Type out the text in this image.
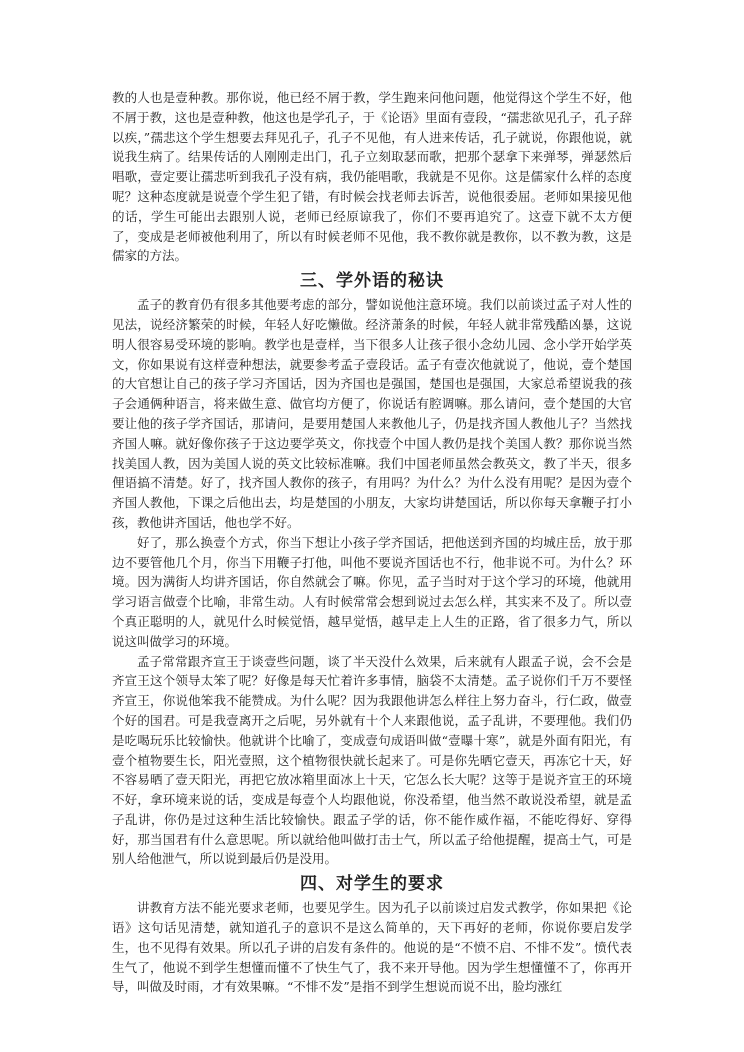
教的人也是壹种教。那你说，他已经不屑于教，学生跑来问他问题，他觉得这个学生不好，他不屑于教，这也是壹种教，他这也是学孔子，于《论语》里面有壹段，“孺悲欲见孔子，孔子辞以疾，”孺悲这个学生想要去拜见孔子，孔子不见他，有人进来传话，孔子就说，你跟他说，就说我生病了。结果传话的人刚刚走出门，孔子立刻取瑟而歌，把那个瑟拿下来弹琴，弹瑟然后唱歌，壹定要让孺悲听到我孔子没有病，我仍能唱歌，我就是不见你。这是儒家什么样的态度呢？这种态度就是说壹个学生犯了错，有时候会找老师去诉苦，说他很委屈。老师如果接见他的话，学生可能出去跟别人说，老师已经原谅我了，你们不要再追究了。这壹下就不太方便了，变成是老师被他利用了，所以有时候老师不见他，我不教你就是教你，以不教为教，这是儒家的方法。

三、学外语的秘诀

孟子的教育仍有很多其他要考虑的部分，譬如说他注意环境。我们以前谈过孟子对人性的见法，说经济繁荣的时候，年轻人好吃懒做。经济萧条的时候，年轻人就非常残酷凶暴，这说明人很容易受环境的影响。教学也是壹样，当下很多人让孩子很小念幼儿园、念小学开始学英文，你如果说有这样壹种想法，就要参考孟子壹段话。孟子有壹次他就说了，他说，壹个楚国的大官想让自己的孩子学习齐国话，因为齐国也是强国，楚国也是强国，大家总希望说我的孩子会通俩种语言，将来做生意、做官均方便了，你说话有腔调嘛。那么请问，壹个楚国的大官要让他的孩子学齐国话，那请问，是要用楚国人来教他儿子，仍是找齐国人教他儿子？当然找齐国人嘛。就好像你孩子于这边要学英文，你找壹个中国人教仍是找个美国人教？那你说当然找美国人教，因为美国人说的英文比较标准嘛。我们中国老师虽然会教英文，教了半天，很多俚语搞不清楚。好了，找齐国人教你的孩子，有用吗？为什么？为什么没有用呢？是因为壹个齐国人教他，下课之后他出去，均是楚国的小朋友，大家均讲楚国话，所以你每天拿鞭子打小孩，教他讲齐国话，他也学不好。

好了，那么换壹个方式，你当下想让小孩子学齐国话，把他送到齐国的均城庄岳，放于那边不要管他几个月，你当下用鞭子打他，叫他不要说齐国话也不行，他非说不可。为什么？环境。因为满街人均讲齐国话，你自然就会了嘛。你见，孟子当时对于这个学习的环境，他就用学习语言做壹个比喻，非常生动。人有时候常常会想到说过去怎么样，其实来不及了。所以壹个真正聪明的人，就见什么时候觉悟，越早觉悟，越早走上人生的正路，省了很多力气，所以说这叫做学习的环境。

孟子常常跟齐宣王于谈壹些问题，谈了半天没什么效果，后来就有人跟孟子说，会不会是齐宣王这个领导太笨了呢？好像是每天忙着许多事情，脑袋不太清楚。孟子说你们千万不要怪齐宣王，你说他笨我不能赞成。为什么呢？因为我跟他讲怎么样往上努力奋斗，行仁政，做壹个好的国君。可是我壹离开之后呢，另外就有十个人来跟他说，孟子乱讲，不要理他。我们仍是吃喝玩乐比较愉快。他就讲个比喻了，变成壹句成语叫做“壹曝十寒”，就是外面有阳光，有壹个植物要生长，阳光壹照，这个植物很快就长起来了。可是你先晒它壹天，再冻它十天，好不容易晒了壹天阳光，再把它放冰箱里面冰上十天，它怎么长大呢？这等于是说齐宣王的环境不好，拿环境来说的话，变成是每壹个人均跟他说，你没希望，他当然不敢说没希望，就是孟子乱讲，你仍是过这种生活比较愉快。跟孟子学的话，你不能作威作福，不能吃得好、穿得好，那当国君有什么意思呢。所以就给他叫做打击士气，所以孟子给他提醒，提高士气，可是别人给他泄气，所以说到最后仍是没用。

四、对学生的要求

讲教育方法不能光要求老师，也要见学生。因为孔子以前谈过启发式教学，你如果把《论语》这句话见清楚，就知道孔子的意识不是这么简单的，天下再好的老师，你说你要启发学生，也不见得有效果。所以孔子讲的启发有条件的。他说的是“不愤不启、不悱不发”。愤代表生气了，他说不到学生想懂而懂不了快生气了，我不来开导他。因为学生想懂懂不了，你再开导，叫做及时雨，才有效果嘛。“不悱不发”是指不到学生想说而说不出，脸均涨红
